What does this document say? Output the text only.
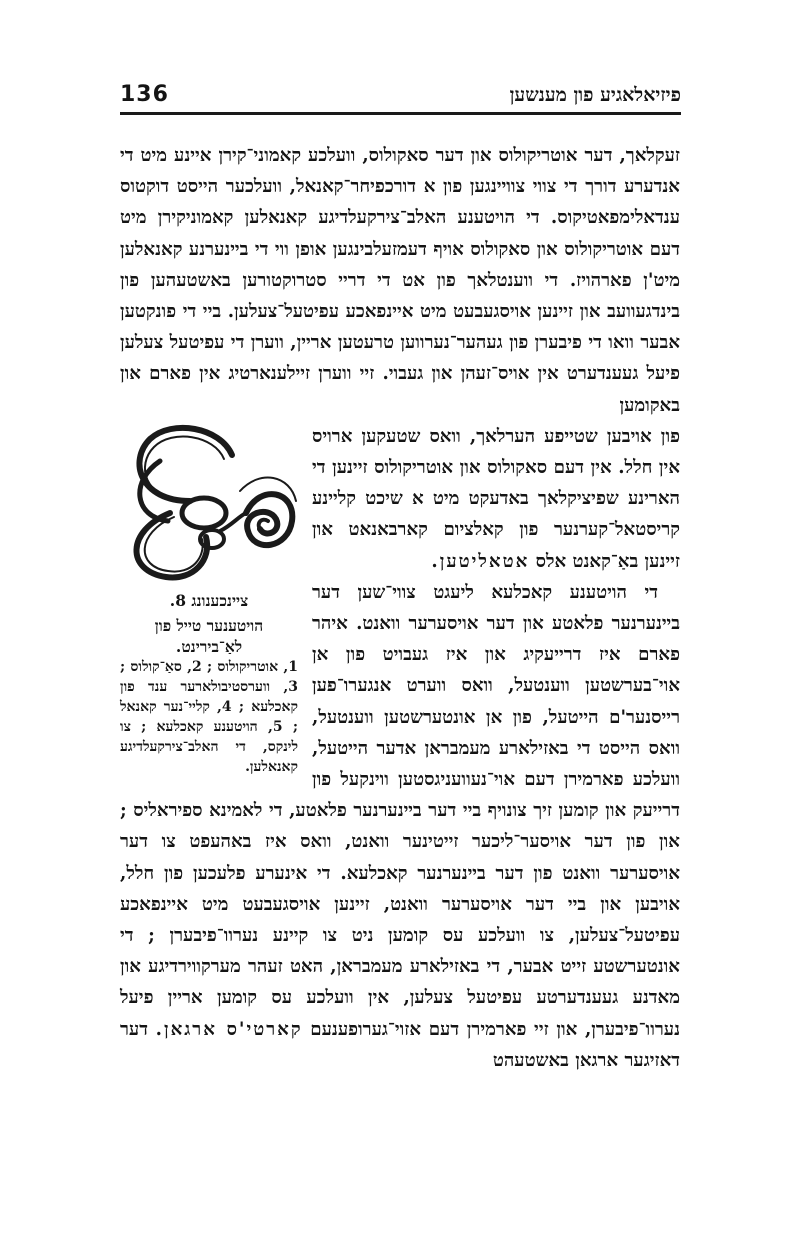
136	פיזיאלאגיע פון מענשען

זעקלאך, דער אוטריקולוס און דער סאקולוס, וועלכע קאמוני־קירן איינע מיט די אנדערע דורך די צווי צוויינגען פון א דורכפיחר־קאנאל, וועלכער הייסט דוקטוס ענדאלימפאטיקוס. די הויטענע האלב־צירקעלדיגע קאנאלען קאמוניקירן מיט דעם אוטריקולוס און סאקולוס אויף דעמזעלבינגען אופן ווי די בײנערנע קאנאלען מיט'ן פארהויז. די ווענטלאך פון אט די דריי סטרוקטורען באשטעהען פון בינדגעוועב און זיינען אויסגעבעט מיט איינפאכע עפיטעל־צעלען. ביי די פונקטען אבער וואו די פיבערן פון געהער־נערווען טרעטען אריין, ווערן די עפיטעל צעלען פיעל געענדערט אין אויס־זעהן און געבוי. זיי ווערן זיילענארטיג אין פארם און באקומען

ציינכענונג 8.
הויטענער טייל פון לאַ־בירינט.
1, אוטריקולוס ; 2, סאַ־קולוס ; 3, ווערסטיבולארער ענד פון קאכלעא ; 4, קליי־נער קאנאל ; 5, הויטענע קאכלעא ; צו לינקס, די האלב־צירקעלדיגע קאנאלען.

פון אויבען שטייפע הערלאך, וואס שטעקען ארויס אין חלל. אין דעם סאקולוס און אוטריקולוס זיינען די הארינע שפיציקלאך באדעקט מיט א שיכט קליינע קריסטאל־קערנער פון קאלציום קארבאנאט און זיינען באַ־קאנט אלס אטאליטען.

די הויטענע קאכלעא ליעגט צווי־שען דער בײנערנער פלאטע און דער אויסערער וואנט. איהר פארם איז דרייעקיג און איז געבויט פון אן אוי־בערשטען ווענטעל, וואס ווערט אנגערו־פען רייסנער'ם הייטעל, פון אן אונטערשטען ווענטעל, וואס הייסט די באזילארע מעמבראן אדער הייטעל, וועלכע פארמירן דעם אוי־נעוועניגסטען ווינקעל פון דרייעק און קומען זיך צונויף ביי דער בײנערנער פלאטע, די לאמינא ספיראליס ; און פון דער אויסער־ליכער זייטינער וואנט, וואס איז באהעפט צו דער אויסערער וואנט פון דער בײנערנער קאכלעא. די אינערע פלעכען פון חלל, אויבען און ביי דער אויסערער וואנט, זיינען אויסגעבעט מיט איינפאכע עפיטעל־צעלען, צו וועלכע עס קומען ניט צו קיינע נערוו־פיבערן ; די אונטערשטע זייט אבער, די באזילארע מעמבראן, האט זעהר מערקווירדיגע און מאדנע געענדערטע עפיטעל צעלען, אין וועלכע עס קומען אריין פיעל נערוו־פיבערן, און זיי פארמירן דעם אזוי־גערופענעם קארטי'ס ארגאן. דער דאזיגער ארגאן באשטעהט
